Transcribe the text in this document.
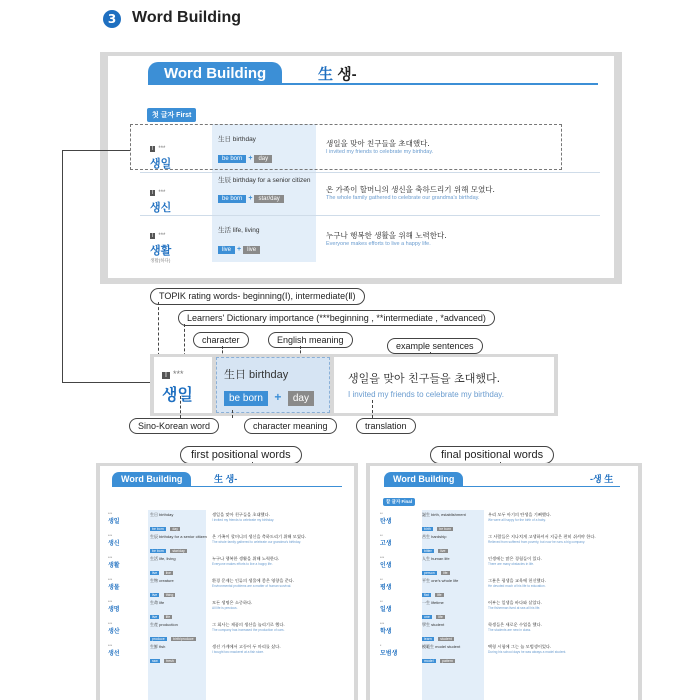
3 Word Building
Word Building	生 생-
첫 글자 First
I ***
생일
生日 birthday
be born + day
생일을 맞아 친구들을 초대했다.
I invited my friends to celebrate my birthday.
I ***
생신
生辰 birthday for a senior citizen
be born + star/day
온 가족이 할머니의 생신을 축하드리기 위해 모였다.
The whole family gathered to celebrate our grandma's birthday.
I ***
생활
생활(하다)
生活 life, living
live + live
누구나 행복한 생활을 위해 노력한다.
Everyone makes efforts to live a happy life.
TOPIK rating words- beginning(Ⅰ), intermediate(Ⅱ)
Learners' Dictionary importance (***beginning , **intermediate , *advanced)
character	English meaning
example sentences
I ***
생일
生日 birthday
be born + day
생일을 맞아 친구들을 초대했다.
I invited my friends to celebrate my birthday.
Sino-Korean word	character meaning	translation
first positional words	final positional words
Word Building	生 생-
***
생일
生日 birthday
be born day
생일을 맞아 친구들을 초대했다.
I invited my friends to celebrate my birthday.
***
생신
生辰 birthday for a senior citizen
be born star/day
온 가족이 할머니의 생신을 축하드리기 위해 모였다.
The whole family gathered to celebrate our grandma's birthday.
***
생활
生活 life, living
live live
누구나 행복한 생활을 위해 노력한다.
Everyone makes efforts to live a happy life.
***
생물
生物 creature
live thing
환경 문제는 인류의 생물에 좋은 영향을 준다.
Environmental problems are a matter of human survival.
***
생명
生命 life
live life
모든 생명은 소중하다.
All life is precious.
***
생산
生産 production
produce birth/produce
그 회사는 제품의 생산을 늘리기로 했다.
The company has increased the production of cars.
***
생선
生鮮 fish
raw fresh
생선 가게에서 고등어 두 마리를 샀다.
I bought two mackerel at a fish store.
Word Building	-생 生
끝 글자 Final
**
탄생
誕生 birth, establishment
birth be born
우리 모두 아기의 탄생을 기뻐했다.
We were all happy for the birth of a baby.
**
고생
苦生 hardship
bitter live
그 사람들은 지나치게 고생하셔서 지금은 편히 쉬셔야 한다.
Relieved from suffered from poverty, but now he runs a big company.
***
인생
人生 human life
person life
인생에는 많은 경험들이 있다.
There are many obstacles in life.
**
평생
平生 one's whole life
flat life
그분은 평생을 교육에 헌신했다.
He devoted much of his life to education.
**
일생
一生 lifetime
one life
어부는 일생을 바다와 살았다.
The fisherman lived at sea all his life.
***
학생
學生 student
learn student
학생들은 새로운 수업을 했다.
The students are new in class.
*
모범생
模範生 model student
model pattern
택형 시험에 그는 늘 모범생이었다.
During his school days he was always a model student.
